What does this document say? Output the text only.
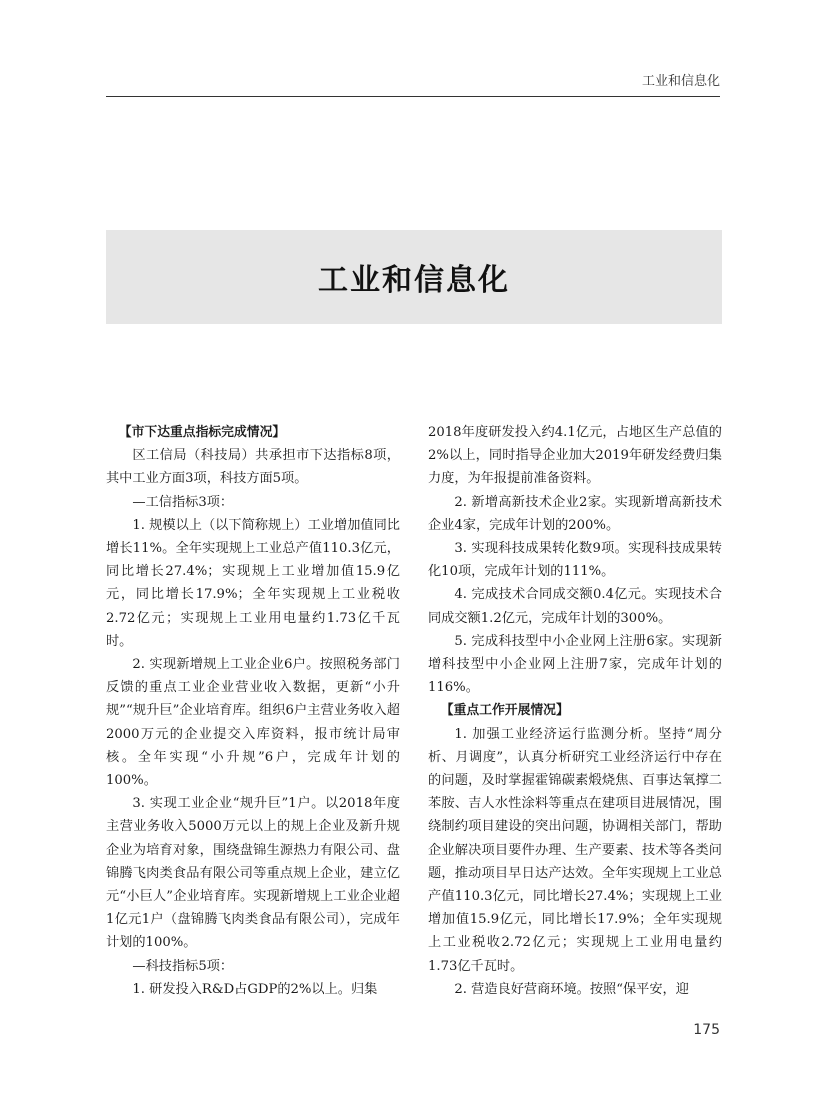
工业和信息化
工业和信息化

【市下达重点指标完成情况】

区工信局（科技局）共承担市下达指标8项，其中工业方面3项，科技方面5项。

—工信指标3项：

1. 规模以上（以下简称规上）工业增加值同比增长11%。全年实现规上工业总产值110.3亿元，同比增长27.4%；实现规上工业增加值15.9亿元，同比增长17.9%；全年实现规上工业税收2.72亿元；实现规上工业用电量约1.73亿千瓦时。

2. 实现新增规上工业企业6户。按照税务部门反馈的重点工业企业营业收入数据，更新“小升规”“规升巨”企业培育库。组织6户主营业务收入超2000万元的企业提交入库资料，报市统计局审核。全年实现“小升规”6户，完成年计划的100%。

3. 实现工业企业“规升巨”1户。以2018年度主营业务收入5000万元以上的规上企业及新升规企业为培育对象，围绕盘锦生源热力有限公司、盘锦腾飞肉类食品有限公司等重点规上企业，建立亿元“小巨人”企业培育库。实现新增规上工业企业超1亿元1户（盘锦腾飞肉类食品有限公司），完成年计划的100%。

—科技指标5项：

1. 研发投入R&D占GDP的2%以上。归集

2018年度研发投入约4.1亿元，占地区生产总值的2%以上，同时指导企业加大2019年研发经费归集力度，为年报提前准备资料。

2. 新增高新技术企业2家。实现新增高新技术企业4家，完成年计划的200%。

3. 实现科技成果转化数9项。实现科技成果转化10项，完成年计划的111%。

4. 完成技术合同成交额0.4亿元。实现技术合同成交额1.2亿元，完成年计划的300%。

5. 完成科技型中小企业网上注册6家。实现新增科技型中小企业网上注册7家，完成年计划的116%。

【重点工作开展情况】

1. 加强工业经济运行监测分析。坚持“周分析、月调度”，认真分析研究工业经济运行中存在的问题，及时掌握霍锦碳素煅烧焦、百事达氧撑二苯胺、吉人水性涂料等重点在建项目进展情况，围绕制约项目建设的突出问题，协调相关部门，帮助企业解决项目要件办理、生产要素、技术等各类问题，推动项目早日达产达效。全年实现规上工业总产值110.3亿元，同比增长27.4%；实现规上工业增加值15.9亿元，同比增长17.9%；全年实现规上工业税收2.72亿元；实现规上工业用电量约1.73亿千瓦时。

2. 营造良好营商环境。按照“保平安，迎

175
